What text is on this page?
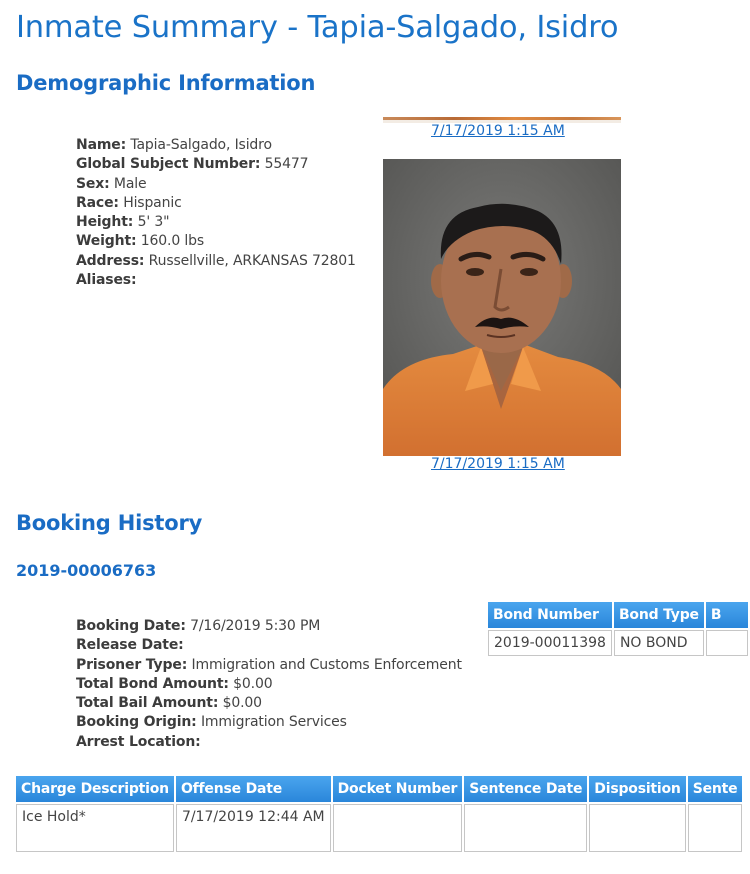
Inmate Summary - Tapia-Salgado, Isidro
Demographic Information
Name: Tapia-Salgado, Isidro
Global Subject Number: 55477
Sex: Male
Race: Hispanic
Height: 5' 3"
Weight: 160.0 lbs
Address: Russellville, ARKANSAS 72801
Aliases:
7/17/2019 1:15 AM
7/17/2019 1:15 AM
Booking History
2019-00006763
Booking Date: 7/16/2019 5:30 PM
Release Date:
Prisoner Type: Immigration and Customs Enforcement
Total Bond Amount: $0.00
Total Bail Amount: $0.00
Booking Origin: Immigration Services
Arrest Location:
Bond Number	Bond Type	B
2019-00011398	NO BOND	
Charge Description	Offense Date	Docket Number	Sentence Date	Disposition	Sente
Ice Hold*	7/17/2019 12:44 AM				
